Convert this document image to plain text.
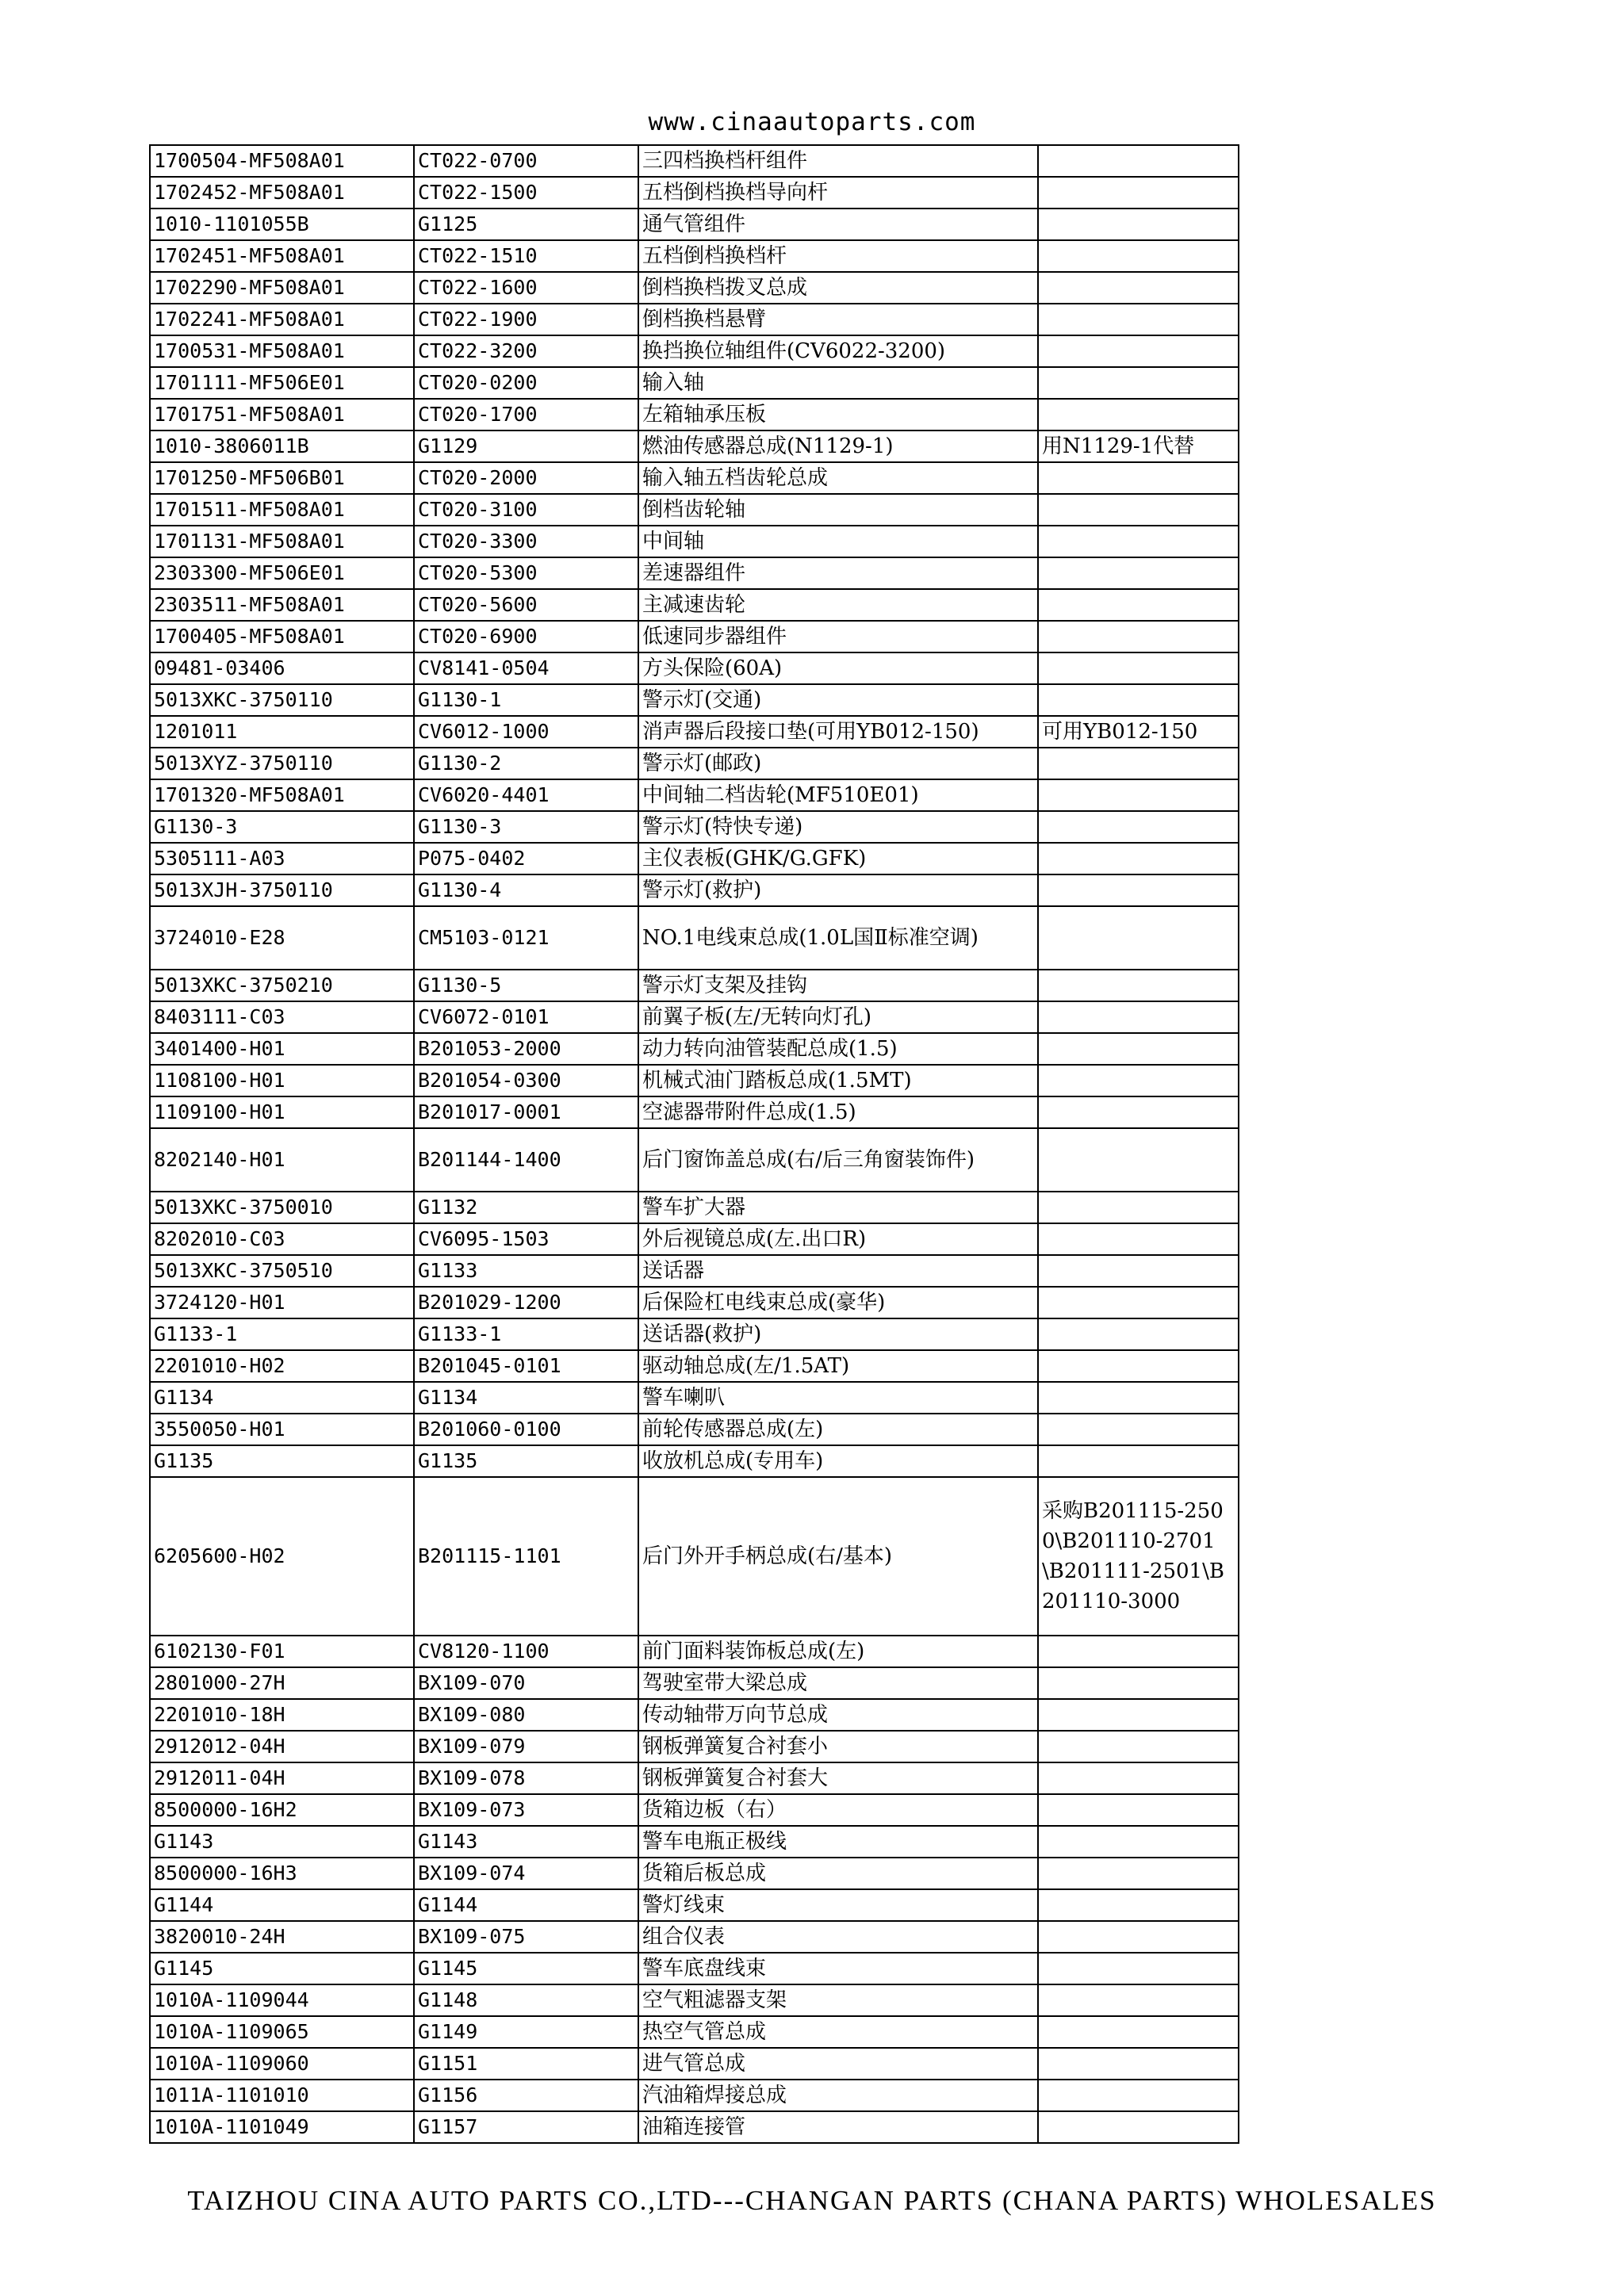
www.cinaautoparts.com
1700504-MF508A01	CT022-0700	三四档换档杆组件	
1702452-MF508A01	CT022-1500	五档倒档换档导向杆	
1010-1101055B	G1125	通气管组件	
1702451-MF508A01	CT022-1510	五档倒档换档杆	
1702290-MF508A01	CT022-1600	倒档换档拨叉总成	
1702241-MF508A01	CT022-1900	倒档换档悬臂	
1700531-MF508A01	CT022-3200	换挡换位轴组件(CV6022-3200)	
1701111-MF506E01	CT020-0200	输入轴	
1701751-MF508A01	CT020-1700	左箱轴承压板	
1010-3806011B	G1129	燃油传感器总成(N1129-1)	用N1129-1代替
1701250-MF506B01	CT020-2000	输入轴五档齿轮总成	
1701511-MF508A01	CT020-3100	倒档齿轮轴	
1701131-MF508A01	CT020-3300	中间轴	
2303300-MF506E01	CT020-5300	差速器组件	
2303511-MF508A01	CT020-5600	主减速齿轮	
1700405-MF508A01	CT020-6900	低速同步器组件	
09481-03406	CV8141-0504	方头保险(60A)	
5013XKC-3750110	G1130-1	警示灯(交通)	
1201011	CV6012-1000	消声器后段接口垫(可用YB012-150)	可用YB012-150
5013XYZ-3750110	G1130-2	警示灯(邮政)	
1701320-MF508A01	CV6020-4401	中间轴二档齿轮(MF510E01)	
G1130-3	G1130-3	警示灯(特快专递)	
5305111-A03	P075-0402	主仪表板(GHK/G.GFK)	
5013XJH-3750110	G1130-4	警示灯(救护)	
3724010-E28	CM5103-0121	NO.1电线束总成(1.0L国Ⅱ标准空调)	
5013XKC-3750210	G1130-5	警示灯支架及挂钩	
8403111-C03	CV6072-0101	前翼子板(左/无转向灯孔)	
3401400-H01	B201053-2000	动力转向油管装配总成(1.5)	
1108100-H01	B201054-0300	机械式油门踏板总成(1.5MT)	
1109100-H01	B201017-0001	空滤器带附件总成(1.5)	
8202140-H01	B201144-1400	后门窗饰盖总成(右/后三角窗装饰件)	
5013XKC-3750010	G1132	警车扩大器	
8202010-C03	CV6095-1503	外后视镜总成(左.出口R)	
5013XKC-3750510	G1133	送话器	
3724120-H01	B201029-1200	后保险杠电线束总成(豪华)	
G1133-1	G1133-1	送话器(救护)	
2201010-H02	B201045-0101	驱动轴总成(左/1.5AT)	
G1134	G1134	警车喇叭	
3550050-H01	B201060-0100	前轮传感器总成(左)	
G1135	G1135	收放机总成(专用车)	
6205600-H02	B201115-1101	后门外开手柄总成(右/基本)	采购B201115-2500\B201110-2701\B201111-2501\B201110-3000
6102130-F01	CV8120-1100	前门面料装饰板总成(左)	
2801000-27H	BX109-070	驾驶室带大梁总成	
2201010-18H	BX109-080	传动轴带万向节总成	
2912012-04H	BX109-079	钢板弹簧复合衬套小	
2912011-04H	BX109-078	钢板弹簧复合衬套大	
8500000-16H2	BX109-073	货箱边板（右）	
G1143	G1143	警车电瓶正极线	
8500000-16H3	BX109-074	货箱后板总成	
G1144	G1144	警灯线束	
3820010-24H	BX109-075	组合仪表	
G1145	G1145	警车底盘线束	
1010A-1109044	G1148	空气粗滤器支架	
1010A-1109065	G1149	热空气管总成	
1010A-1109060	G1151	进气管总成	
1011A-1101010	G1156	汽油箱焊接总成	
1010A-1101049	G1157	油箱连接管	
TAIZHOU CINA AUTO PARTS CO.,LTD---CHANGAN PARTS (CHANA PARTS) WHOLESALES
